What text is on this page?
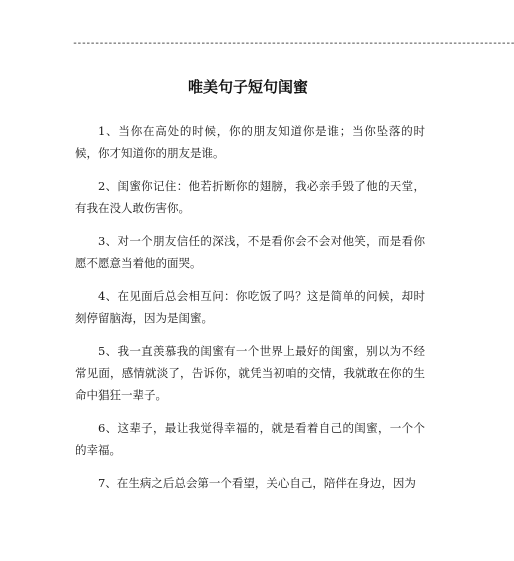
----------------------------------------------------------------------------------------------------
唯美句子短句闺蜜

1、当你在高处的时候，你的朋友知道你是谁；当你坠落的时候，你才知道你的朋友是谁。

2、闺蜜你记住：他若折断你的翅膀，我必亲手毁了他的天堂，有我在没人敢伤害你。

3、对一个朋友信任的深浅，不是看你会不会对他笑，而是看你愿不愿意当着他的面哭。

4、在见面后总会相互问：你吃饭了吗？这是简单的问候，却时刻停留脑海，因为是闺蜜。

5、我一直羡慕我的闺蜜有一个世界上最好的闺蜜，别以为不经常见面，感情就淡了，告诉你，就凭当初咱的交情，我就敢在你的生命中猖狂一辈子。

6、这辈子，最让我觉得幸福的，就是看着自己的闺蜜，一个个的幸福。

7、在生病之后总会第一个看望，关心自己，陪伴在身边，因为
